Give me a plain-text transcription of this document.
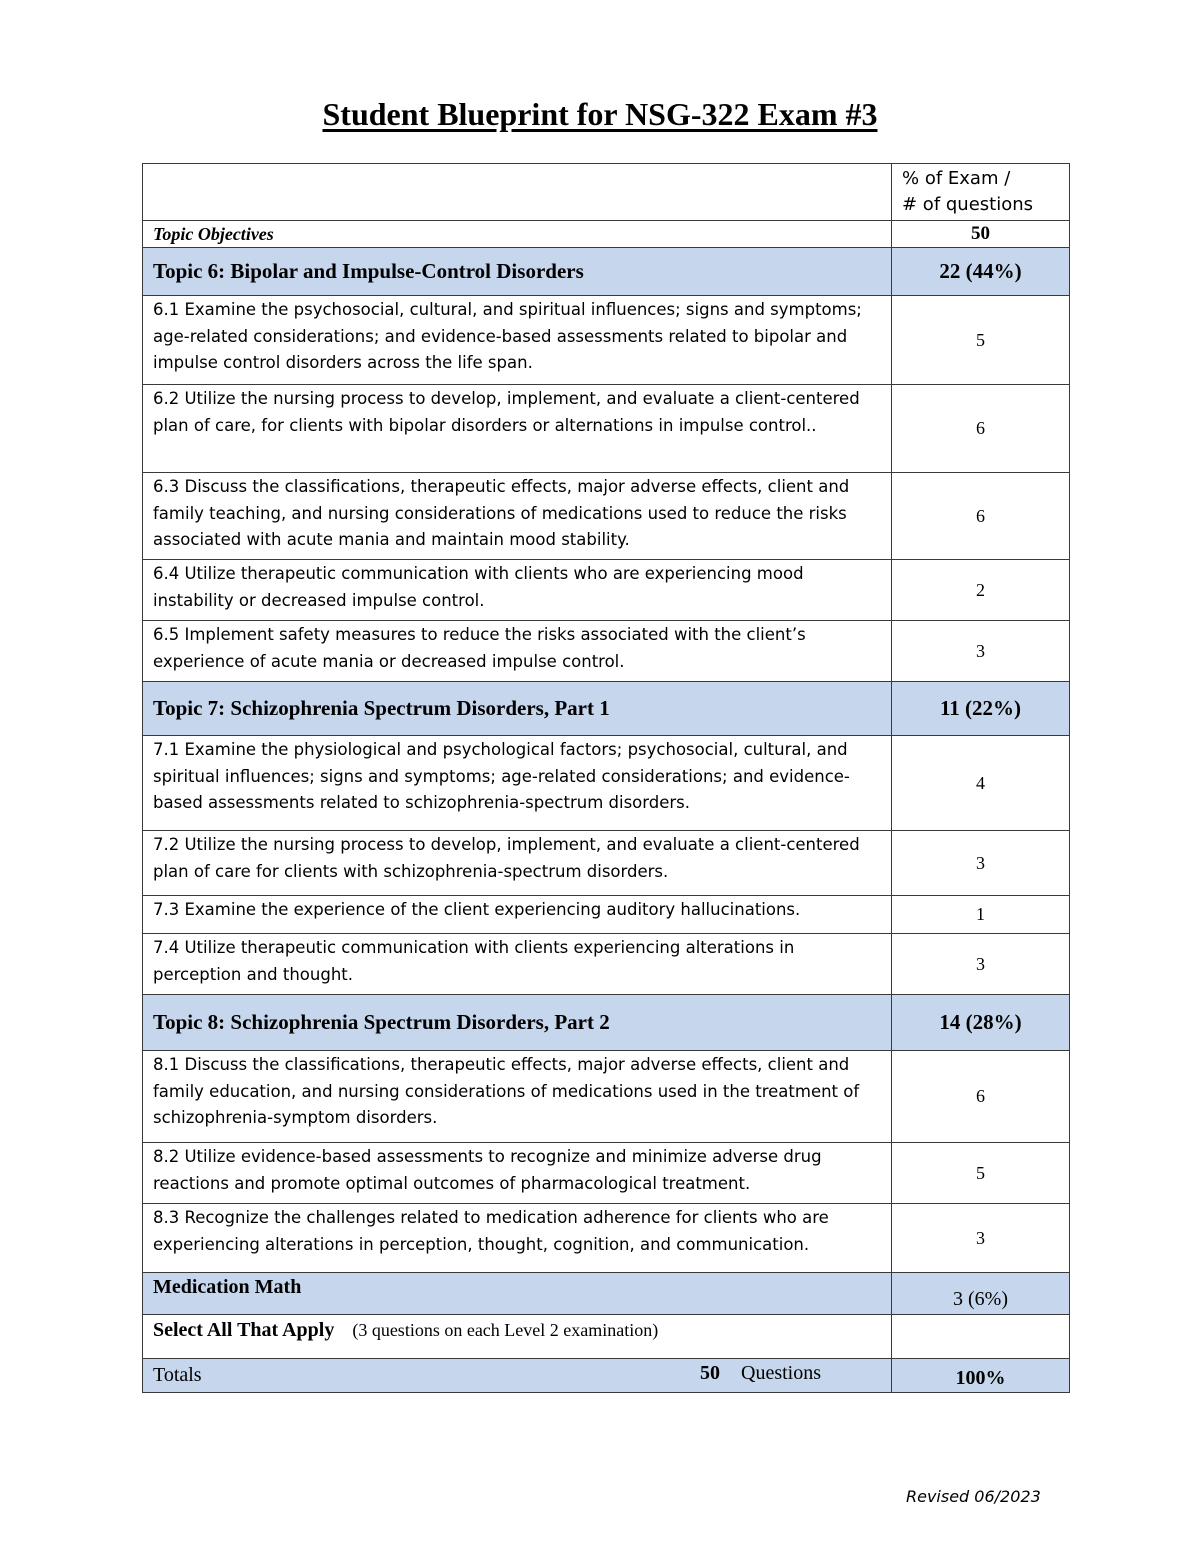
Student Blueprint for NSG-322 Exam #3

	% of Exam /
# of questions

Topic Objectives	50
Topic 6: Bipolar and Impulse-Control Disorders	22 (44%)
6.1 Examine the psychosocial, cultural, and spiritual influences; signs and symptoms; age-related considerations; and evidence-based assessments related to bipolar and impulse control disorders across the life span.	5
6.2 Utilize the nursing process to develop, implement, and evaluate a client-centered plan of care, for clients with bipolar disorders or alternations in impulse control..	6
6.3 Discuss the classifications, therapeutic effects, major adverse effects, client and family teaching, and nursing considerations of medications used to reduce the risks associated with acute mania and maintain mood stability.	6
6.4 Utilize therapeutic communication with clients who are experiencing mood instability or decreased impulse control.	2
6.5 Implement safety measures to reduce the risks associated with the client’s experience of acute mania or decreased impulse control.	3
Topic 7: Schizophrenia Spectrum Disorders, Part 1	11 (22%)
7.1 Examine the physiological and psychological factors; psychosocial, cultural, and spiritual influences; signs and symptoms; age-related considerations; and evidence-based assessments related to schizophrenia-spectrum disorders.	4
7.2 Utilize the nursing process to develop, implement, and evaluate a client-centered plan of care for clients with schizophrenia-spectrum disorders.	3
7.3 Examine the experience of the client experiencing auditory hallucinations.	1
7.4 Utilize therapeutic communication with clients experiencing alterations in perception and thought.	3
Topic 8: Schizophrenia Spectrum Disorders, Part 2	14 (28%)
8.1 Discuss the classifications, therapeutic effects, major adverse effects, client and family education, and nursing considerations of medications used in the treatment of schizophrenia-symptom disorders.	6
8.2 Utilize evidence-based assessments to recognize and minimize adverse drug reactions and promote optimal outcomes of pharmacological treatment.	5
8.3 Recognize the challenges related to medication adherence for clients who are experiencing alterations in perception, thought, cognition, and communication.	3
Medication Math	3 (6%)
Select All That Apply (3 questions on each Level 2 examination)	
Totals 50 Questions	100%
Revised 06/2023
